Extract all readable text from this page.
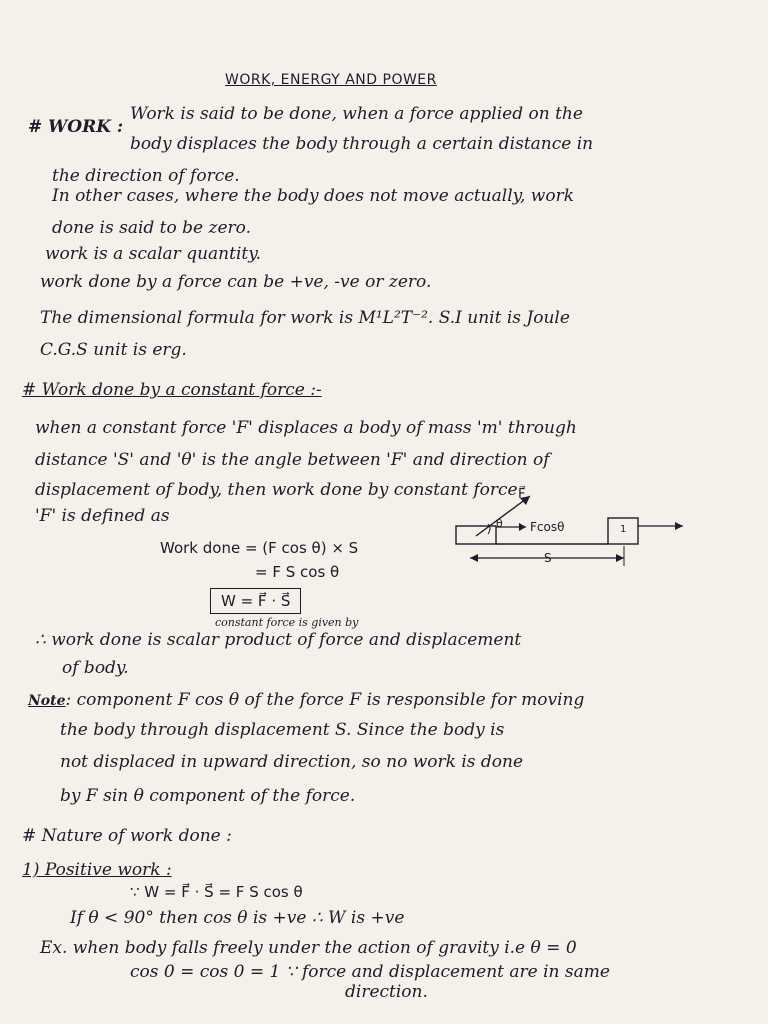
WORK, ENERGY AND POWER
# WORK :
Work is said to be done, when a force applied on the
body displaces the body through a certain distance in
the direction of force.
In other cases, where the body does not move actually, work
done is said to be zero.
work is a scalar quantity.
work done by a force can be +ve, -ve or zero.
The dimensional formula for work is M¹L²T⁻². S.I unit is Joule
C.G.S unit is erg.
# Work done by a constant force :-
when a constant force 'F' displaces a body of mass 'm' through
distance 'S' and 'θ' is the angle between 'F' and direction of
displacement of body, then work done by constant force
'F' is defined as
Work done = (F cos θ) × S
= F S cos θ
W = F⃗ · S⃗
constant force is given by
F⃗
θ Fcosθ	1
S
∴ work done is scalar product of force and displacement
of body.
Note: component F cos θ of the force F is responsible for moving
the body through displacement S. Since the body is
not displaced in upward direction, so no work is done
by F sin θ component of the force.
# Nature of work done :
1) Positive work :
∵ W = F⃗ · S⃗ = F S cos θ
If θ < 90° then cos θ is +ve ∴ W is +ve
Ex. when body falls freely under the action of gravity i.e θ = 0
cos 0 = cos 0 = 1 ∵ force and displacement are in same
direction.
